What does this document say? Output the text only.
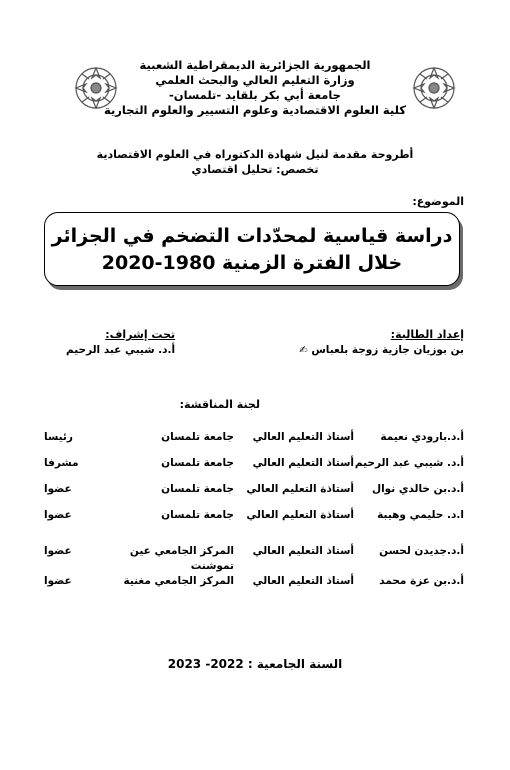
الجمهورية الجزائرية الديمقراطية الشعبية
وزارة التعليم العالي والبحث العلمي
جامعة أبي بكر بلقايد -تلمسان-
كلية العلوم الاقتصادية وعلوم التسيير والعلوم التجارية
أطروحة مقدمة لنيل شهادة الدكتوراه في العلوم الاقتصادية
تخصص: تحليل اقتصادي
الموضوع:
دراسة قياسية لمحدّدات التضخم في الجزائر
خلال الفترة الزمنية 1980-2020
إعداد الطالبة:
بن بوزيان جازية زوجة بلعباس ✍
تحت إشراف:
أ.د. شيبي عبد الرحيم
لجنة المناقشة:
أ.د.بارودي نعيمة
أستاذ التعليم العالي
جامعة تلمسان
رئيسا
أ.د. شيبي عبد الرحيم
أستاذ التعليم العالي
جامعة تلمسان
مشرفا
أ.د.بن خالدي نوال
أستاذة التعليم العالي
جامعة تلمسان
عضوا
ا.د. حليمي وهيبة
أستاذة التعليم العالي
جامعة تلمسان
عضوا
أ.د.جديدن لحسن
أستاذ التعليم العالي
المركز الجامعي عين
عضوا
تموشنت
أ.د.بن عزة محمد
أستاذ التعليم العالي
المركز الجامعي مغنية
عضوا
السنة الجامعية : 2022- 2023
